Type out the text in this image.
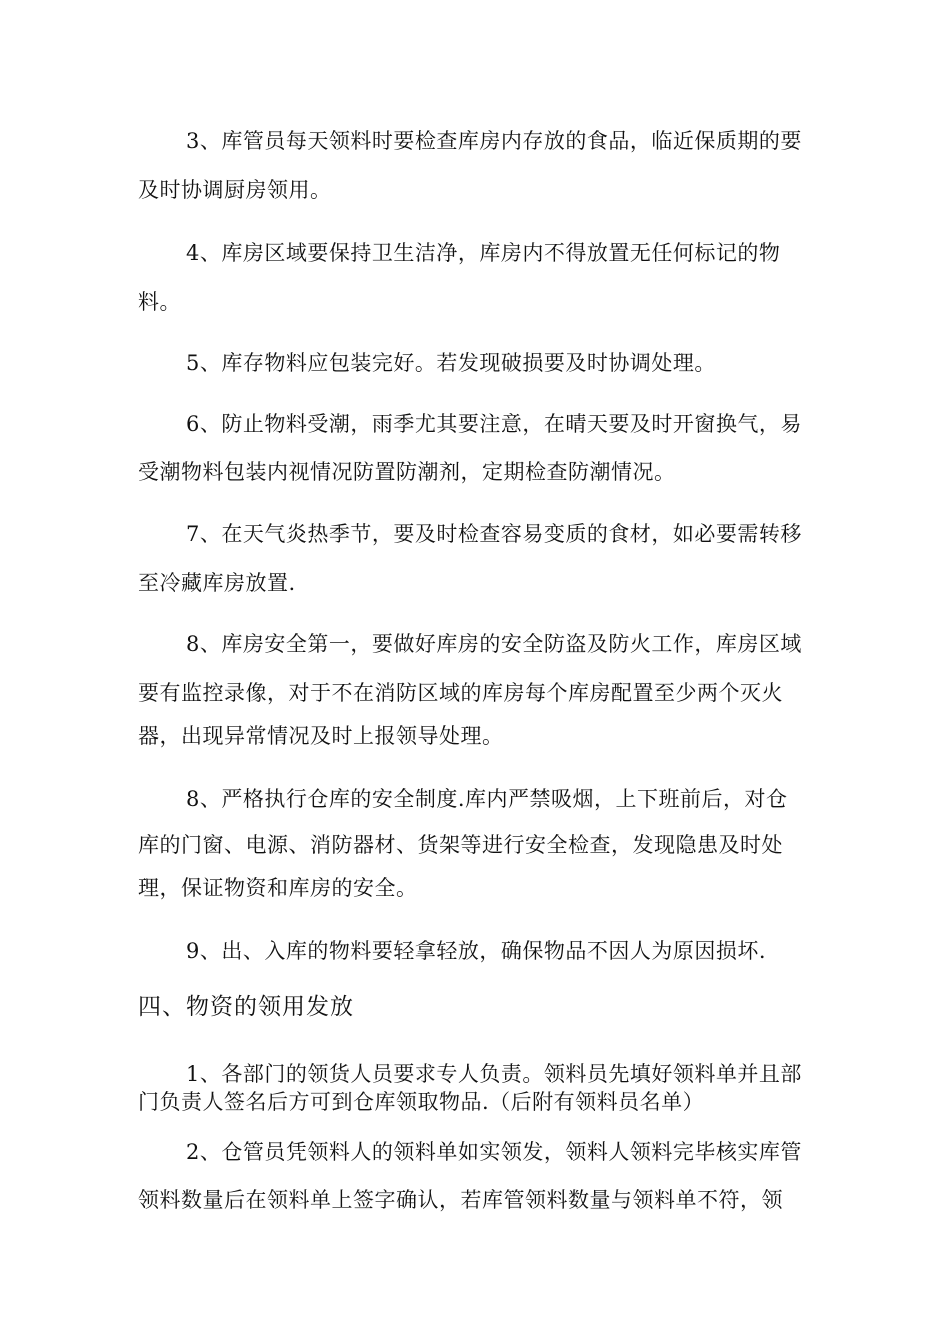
3、库管员每天领料时要检查库房内存放的食品，临近保质期的要
及时协调厨房领用。
4、库房区域要保持卫生洁净，库房内不得放置无任何标记的物
料。
5、库存物料应包装完好。若发现破损要及时协调处理。
6、防止物料受潮，雨季尤其要注意，在晴天要及时开窗换气，易
受潮物料包装内视情况防置防潮剂，定期检查防潮情况。
7、在天气炎热季节，要及时检查容易变质的食材，如必要需转移
至冷藏库房放置.
8、库房安全第一，要做好库房的安全防盗及防火工作，库房区域
要有监控录像，对于不在消防区域的库房每个库房配置至少两个灭火
器，出现异常情况及时上报领导处理。
8、严格执行仓库的安全制度.库内严禁吸烟，上下班前后，对仓
库的门窗、电源、消防器材、货架等进行安全检查，发现隐患及时处
理，保证物资和库房的安全。
9、出、入库的物料要轻拿轻放，确保物品不因人为原因损坏.
四、物资的领用发放
1、各部门的领货人员要求专人负责。领料员先填好领料单并且部
门负责人签名后方可到仓库领取物品.（后附有领料员名单）
2、仓管员凭领料人的领料单如实领发，领料人领料完毕核实库管
领料数量后在领料单上签字确认，若库管领料数量与领料单不符，领
